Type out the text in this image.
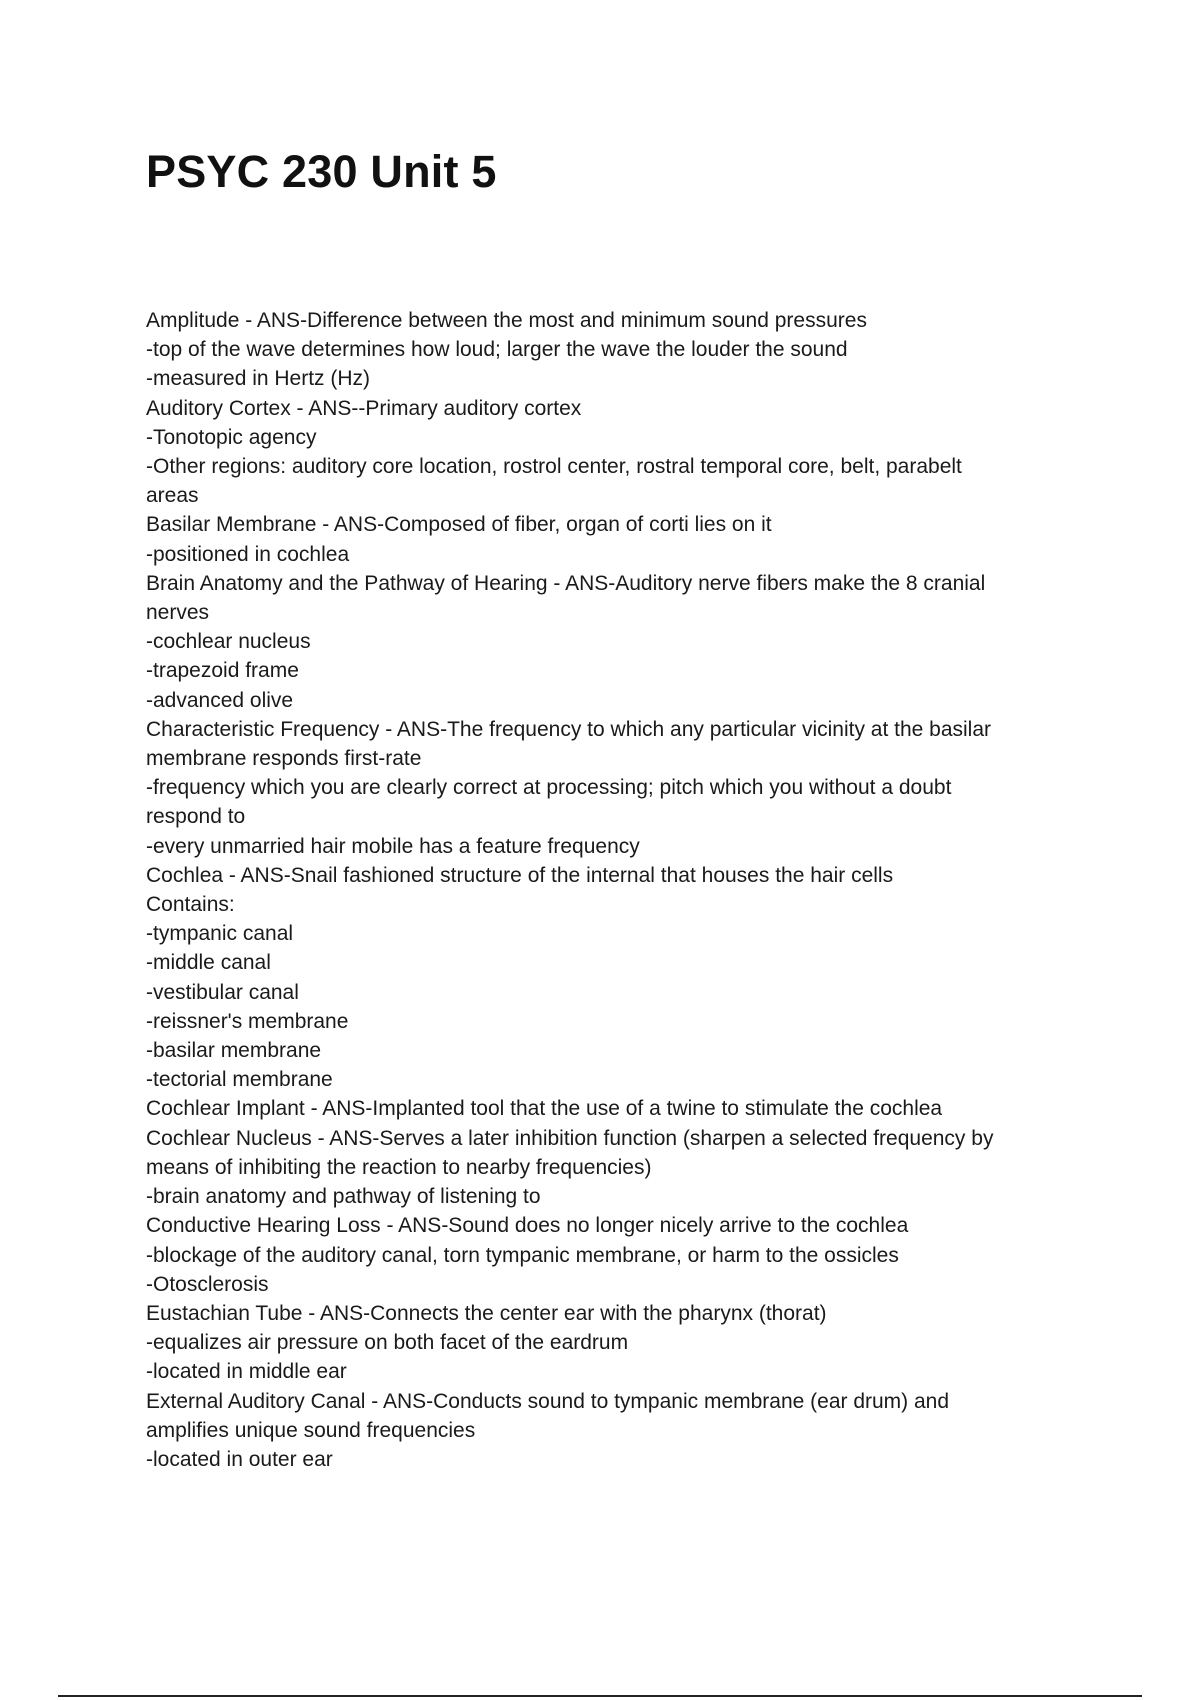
PSYC 230 Unit 5
Amplitude - ANS-Difference between the most and minimum sound pressures
-top of the wave determines how loud; larger the wave the louder the sound
-measured in Hertz (Hz)
Auditory Cortex - ANS--Primary auditory cortex
-Tonotopic agency
-Other regions: auditory core location, rostrol center, rostral temporal core, belt, parabelt
areas
Basilar Membrane - ANS-Composed of fiber, organ of corti lies on it
-positioned in cochlea
Brain Anatomy and the Pathway of Hearing - ANS-Auditory nerve fibers make the 8 cranial
nerves
-cochlear nucleus
-trapezoid frame
-advanced olive
Characteristic Frequency - ANS-The frequency to which any particular vicinity at the basilar
membrane responds first-rate
-frequency which you are clearly correct at processing; pitch which you without a doubt
respond to
-every unmarried hair mobile has a feature frequency
Cochlea - ANS-Snail fashioned structure of the internal that houses the hair cells
Contains:
-tympanic canal
-middle canal
-vestibular canal
-reissner's membrane
-basilar membrane
-tectorial membrane
Cochlear Implant - ANS-Implanted tool that the use of a twine to stimulate the cochlea
Cochlear Nucleus - ANS-Serves a later inhibition function (sharpen a selected frequency by
means of inhibiting the reaction to nearby frequencies)
-brain anatomy and pathway of listening to
Conductive Hearing Loss - ANS-Sound does no longer nicely arrive to the cochlea
-blockage of the auditory canal, torn tympanic membrane, or harm to the ossicles
-Otosclerosis
Eustachian Tube - ANS-Connects the center ear with the pharynx (thorat)
-equalizes air pressure on both facet of the eardrum
-located in middle ear
External Auditory Canal - ANS-Conducts sound to tympanic membrane (ear drum) and
amplifies unique sound frequencies
-located in outer ear
